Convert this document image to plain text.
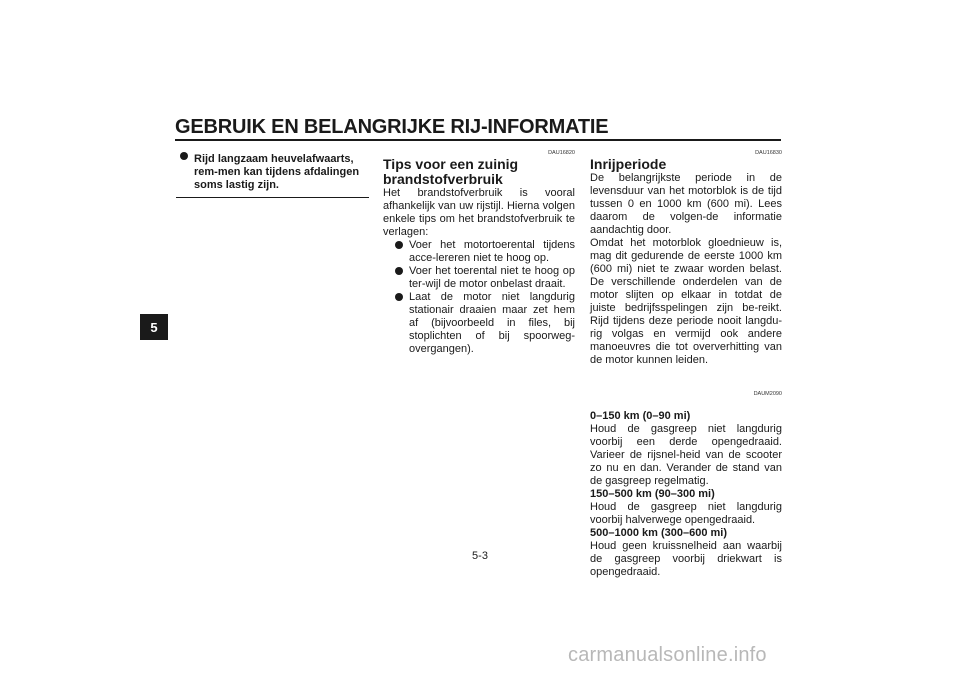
GEBRUIK EN BELANGRIJKE RIJ-INFORMATIE
5

Rijd langzaam heuvelafwaarts, rem-men kan tijdens afdalingen soms lastig zijn.

DAU16820
Tips voor een zuinig brandstofverbruik

Het brandstofverbruik is vooral afhankelijk van uw rijstijl. Hierna volgen enkele tips om het brandstofverbruik te verlagen:

Voer het motortoerental tijdens acce-lereren niet te hoog op.
Voer het toerental niet te hoog op ter-wijl de motor onbelast draait.
Laat de motor niet langdurig stationair draaien maar zet hem af (bijvoorbeeld in files, bij stoplichten of bij spoorweg-overgangen).
DAU16830
Inrijperiode

De belangrijkste periode in de levensduur van het motorblok is de tijd tussen 0 en 1000 km (600 mi). Lees daarom de volgen-de informatie aandachtig door.

Omdat het motorblok gloednieuw is, mag dit gedurende de eerste 1000 km (600 mi) niet te zwaar worden belast. De verschillende onderdelen van de motor slijten op elkaar in totdat de juiste bedrijfsspelingen zijn be-reikt. Rijd tijdens deze periode nooit langdu-rig volgas en vermijd ook andere manoeuvres die tot oververhitting van de motor kunnen leiden.

DAUM2090

0–150 km (0–90 mi)

Houd de gasgreep niet langdurig voorbij een derde opengedraaid. Varieer de rijsnel-heid van de scooter zo nu en dan. Verander de stand van de gasgreep regelmatig.

150–500 km (90–300 mi)

Houd de gasgreep niet langdurig voorbij halverwege opengedraaid.

500–1000 km (300–600 mi)

Houd geen kruissnelheid aan waarbij de gasgreep voorbij driekwart is opengedraaid.

5-3
carmanualsonline.info
